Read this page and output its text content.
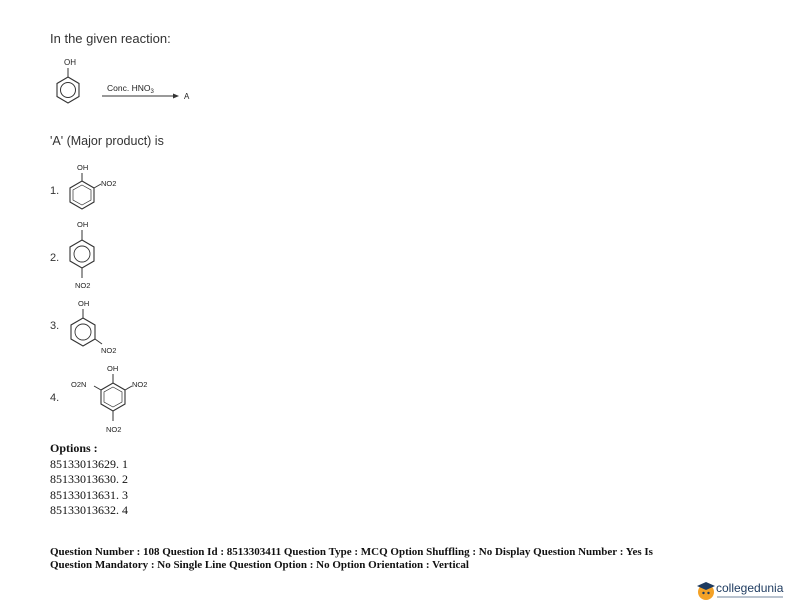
In the given reaction:
OH
Conc. $HNO_3$	A
'A' (Major product) is
1.
OH
NO2
2.
OH
NO2
3.
OH
NO2
4.
OH
O2N	NO2
NO2
Options :
85133013629. 1
85133013630. 2
85133013631. 3
85133013632. 4
Question Number : 108 Question Id : 8513303411 Question Type : MCQ Option Shuffling : No Display Question Number : Yes Is
Question Mandatory : No Single Line Question Option : No Option Orientation : Vertical
collegedunia
